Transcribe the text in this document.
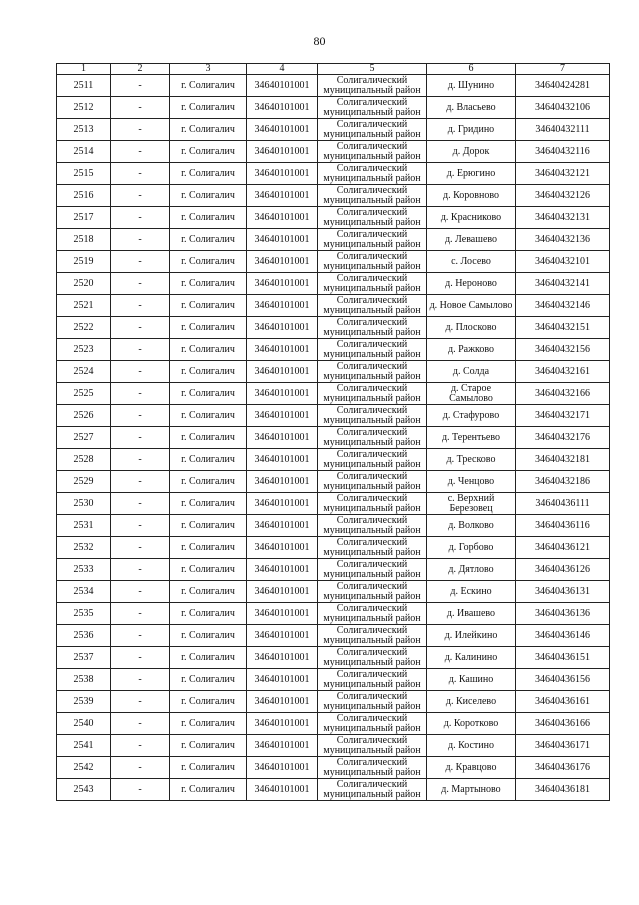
80
1	2	3	4	5	6	7
2511	-	г. Солигалич	34640101001	Солигалический муниципальный район	д. Шунино	34640424281
2512	-	г. Солигалич	34640101001	Солигалический муниципальный район	д. Власьево	34640432106
2513	-	г. Солигалич	34640101001	Солигалический муниципальный район	д. Гридино	34640432111
2514	-	г. Солигалич	34640101001	Солигалический муниципальный район	д. Дорок	34640432116
2515	-	г. Солигалич	34640101001	Солигалический муниципальный район	д. Ерюгино	34640432121
2516	-	г. Солигалич	34640101001	Солигалический муниципальный район	д. Коровново	34640432126
2517	-	г. Солигалич	34640101001	Солигалический муниципальный район	д. Красниково	34640432131
2518	-	г. Солигалич	34640101001	Солигалический муниципальный район	д. Левашево	34640432136
2519	-	г. Солигалич	34640101001	Солигалический муниципальный район	с. Лосево	34640432101
2520	-	г. Солигалич	34640101001	Солигалический муниципальный район	д. Нероново	34640432141
2521	-	г. Солигалич	34640101001	Солигалический муниципальный район	д. Новое Самылово	34640432146
2522	-	г. Солигалич	34640101001	Солигалический муниципальный район	д. Плосково	34640432151
2523	-	г. Солигалич	34640101001	Солигалический муниципальный район	д. Ражково	34640432156
2524	-	г. Солигалич	34640101001	Солигалический муниципальный район	д. Солда	34640432161
2525	-	г. Солигалич	34640101001	Солигалический муниципальный район	д. Старое Самылово	34640432166
2526	-	г. Солигалич	34640101001	Солигалический муниципальный район	д. Стафурово	34640432171
2527	-	г. Солигалич	34640101001	Солигалический муниципальный район	д. Терентьево	34640432176
2528	-	г. Солигалич	34640101001	Солигалический муниципальный район	д. Тресково	34640432181
2529	-	г. Солигалич	34640101001	Солигалический муниципальный район	д. Ченцово	34640432186
2530	-	г. Солигалич	34640101001	Солигалический муниципальный район	с. Верхний Березовец	34640436111
2531	-	г. Солигалич	34640101001	Солигалический муниципальный район	д. Волково	34640436116
2532	-	г. Солигалич	34640101001	Солигалический муниципальный район	д. Горбово	34640436121
2533	-	г. Солигалич	34640101001	Солигалический муниципальный район	д. Дятлово	34640436126
2534	-	г. Солигалич	34640101001	Солигалический муниципальный район	д. Ескино	34640436131
2535	-	г. Солигалич	34640101001	Солигалический муниципальный район	д. Ивашево	34640436136
2536	-	г. Солигалич	34640101001	Солигалический муниципальный район	д. Илейкино	34640436146
2537	-	г. Солигалич	34640101001	Солигалический муниципальный район	д. Калинино	34640436151
2538	-	г. Солигалич	34640101001	Солигалический муниципальный район	д. Кашино	34640436156
2539	-	г. Солигалич	34640101001	Солигалический муниципальный район	д. Киселево	34640436161
2540	-	г. Солигалич	34640101001	Солигалический муниципальный район	д. Коротково	34640436166
2541	-	г. Солигалич	34640101001	Солигалический муниципальный район	д. Костино	34640436171
2542	-	г. Солигалич	34640101001	Солигалический муниципальный район	д. Кравцово	34640436176
2543	-	г. Солигалич	34640101001	Солигалический муниципальный район	д. Мартыново	34640436181
